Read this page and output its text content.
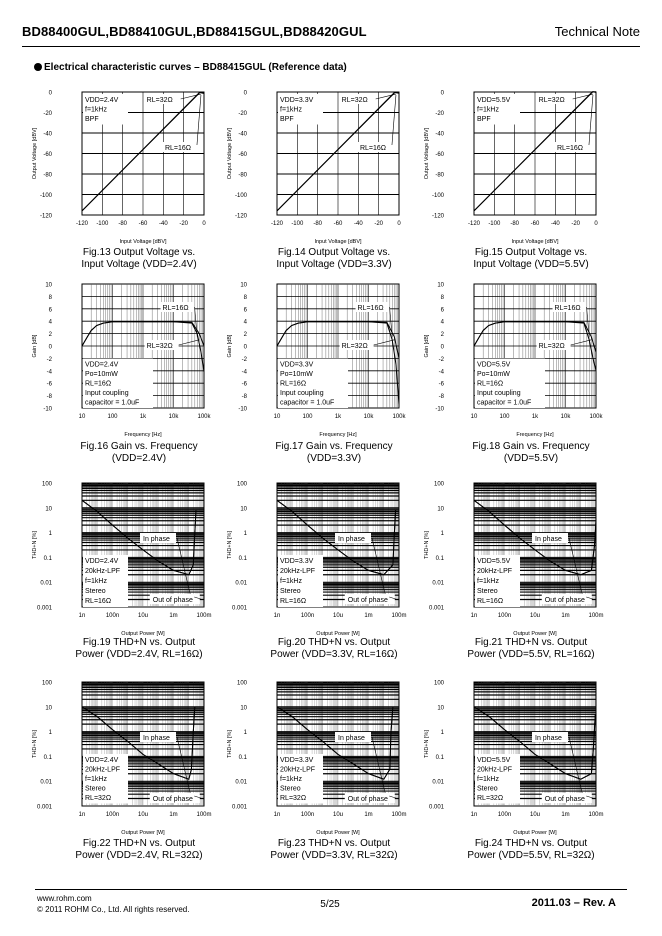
BD88400GUL,BD88410GUL,BD88415GUL,BD88420GUL	Technical Note
Electrical characteristic curves – BD88415GUL (Reference data)
-120 -100 -80 -60 -40 -20 0
0
-20
-40
-60
-80
-100
-120
Input Voltage [dBV]
Output Voltage [dBV]
VDD=2.4V
f=1kHz
BPF
RL=32Ω
RL=16Ω
-120 -100 -80 -60 -40 -20 0
0
-20
-40
-60
-80
-100
-120
Input Voltage [dBV]
Output Voltage [dBV]
VDD=3.3V
f=1kHz
BPF
RL=32Ω
RL=16Ω
-120 -100 -80 -60 -40 -20 0
0
-20
-40
-60
-80
-100
-120
Input Voltage [dBV]
Output Voltage [dBV]
VDD=5.5V
f=1kHz
BPF
RL=32Ω
RL=16Ω
10	100	1k	10k	100k
10
8
6
4
2
0
-2
-4
-6
-8
-10
Frequency [Hz]
Gain [dB]
VDD=2.4V
Po=10mW
RL=16Ω
Input coupling
capacitor = 1.0uF
RL=16Ω
RL=32Ω
10	100	1k	10k	100k
10
8
6
4
2
0
-2
-4
-6
-8
-10
Frequency [Hz]
Gain [dB]
VDD=3.3V
Po=10mW
RL=16Ω
Input coupling
capacitor = 1.0uF
RL=16Ω
RL=32Ω
10	100	1k	10k	100k
10
8
6
4
2
0
-2
-4
-6
-8
-10
Frequency [Hz]
Gain [dB]
VDD=5.5V
Po=10mW
RL=16Ω
Input coupling
capacitor = 1.0uF
RL=16Ω
RL=32Ω
1n	100n	10u	1m	100m
100
10
1
0.1
0.01
0.001
Output Power [W]
THD+N [%]
VDD=2.4V
20kHz-LPF
f=1kHz
Stereo
RL=16Ω
In phase
Out of phase
1n	100n	10u	1m	100m
100
10
1
0.1
0.01
0.001
Output Power [W]
THD+N [%]
VDD=3.3V
20kHz-LPF
f=1kHz
Stereo
RL=16Ω
In phase
Out of phase
1n	100n	10u	1m	100m
100
10
1
0.1
0.01
0.001
Output Power [W]
THD+N [%]
VDD=5.5V
20kHz-LPF
f=1kHz
Stereo
RL=16Ω
In phase
Out of phase
1n	100n	10u	1m	100m
100
10
1
0.1
0.01
0.001
Output Power [W]
THD+N [%]
VDD=2.4V
20kHz-LPF
f=1kHz
Stereo
RL=32Ω
In phase
Out of phase
1n	100n	10u	1m	100m
100
10
1
0.1
0.01
0.001
Output Power [W]
THD+N [%]
VDD=3.3V
20kHz-LPF
f=1kHz
Stereo
RL=32Ω
In phase
Out of phase
1n	100n	10u	1m	100m
100
10
1
0.1
0.01
0.001
Output Power [W]
THD+N [%]
VDD=5.5V
20kHz-LPF
f=1kHz
Stereo
RL=32Ω
In phase
Out of phase
Fig.13 Output Voltage vs.
Input Voltage (VDD=2.4V)
Fig.14 Output Voltage vs.
Input Voltage (VDD=3.3V)
Fig.15 Output Voltage vs.
Input Voltage (VDD=5.5V)
Fig.16 Gain vs. Frequency
(VDD=2.4V)
Fig.17 Gain vs. Frequency
(VDD=3.3V)
Fig.18 Gain vs. Frequency
(VDD=5.5V)
Fig.19 THD+N vs. Output
Power (VDD=2.4V, RL=16Ω)
Fig.20 THD+N vs. Output
Power (VDD=3.3V, RL=16Ω)
Fig.21 THD+N vs. Output
Power (VDD=5.5V, RL=16Ω)
Fig.22 THD+N vs. Output
Power (VDD=2.4V, RL=32Ω)
Fig.23 THD+N vs. Output
Power (VDD=3.3V, RL=32Ω)
Fig.24 THD+N vs. Output
Power (VDD=5.5V, RL=32Ω)
www.rohm.com
© 2011 ROHM Co., Ltd. All rights reserved.	5/25	2011.03 – Rev. A
